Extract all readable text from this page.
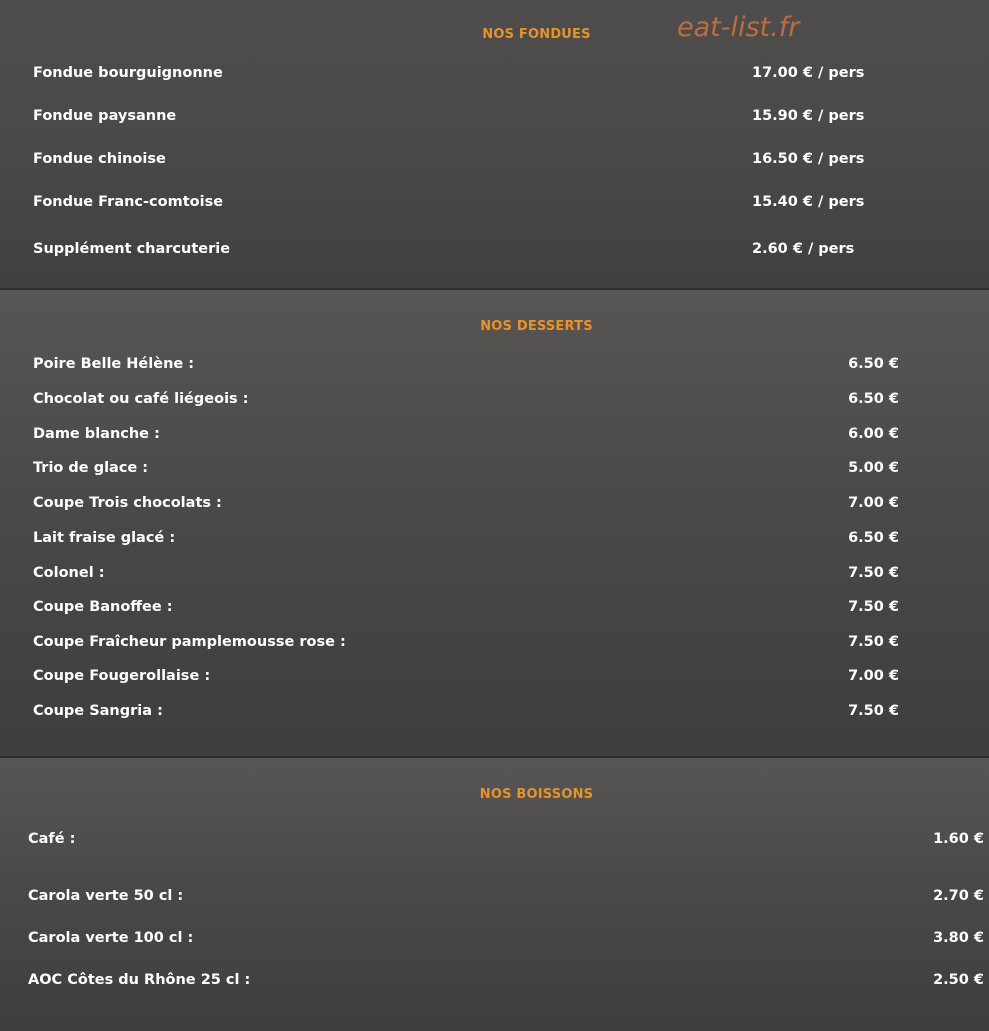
NOS FONDUES	eat-list.fr
Fondue bourguignonne	17.00 € / pers
Fondue paysanne	15.90 € / pers
Fondue chinoise	16.50 € / pers
Fondue Franc-comtoise	15.40 € / pers
Supplément charcuterie	2.60 € / pers
NOS DESSERTS
Poire Belle Hélène :	6.50 €
Chocolat ou café liégeois :	6.50 €
Dame blanche :	6.00 €
Trio de glace :	5.00 €
Coupe Trois chocolats :	7.00 €
Lait fraise glacé :	6.50 €
Colonel :	7.50 €
Coupe Banoffee :	7.50 €
Coupe Fraîcheur pamplemousse rose :	7.50 €
Coupe Fougerollaise :	7.00 €
Coupe Sangria :	7.50 €
NOS BOISSONS
Café :	1.60 €
Carola verte 50 cl :	2.70 €
Carola verte 100 cl :	3.80 €
AOC Côtes du Rhône 25 cl :	2.50 €
